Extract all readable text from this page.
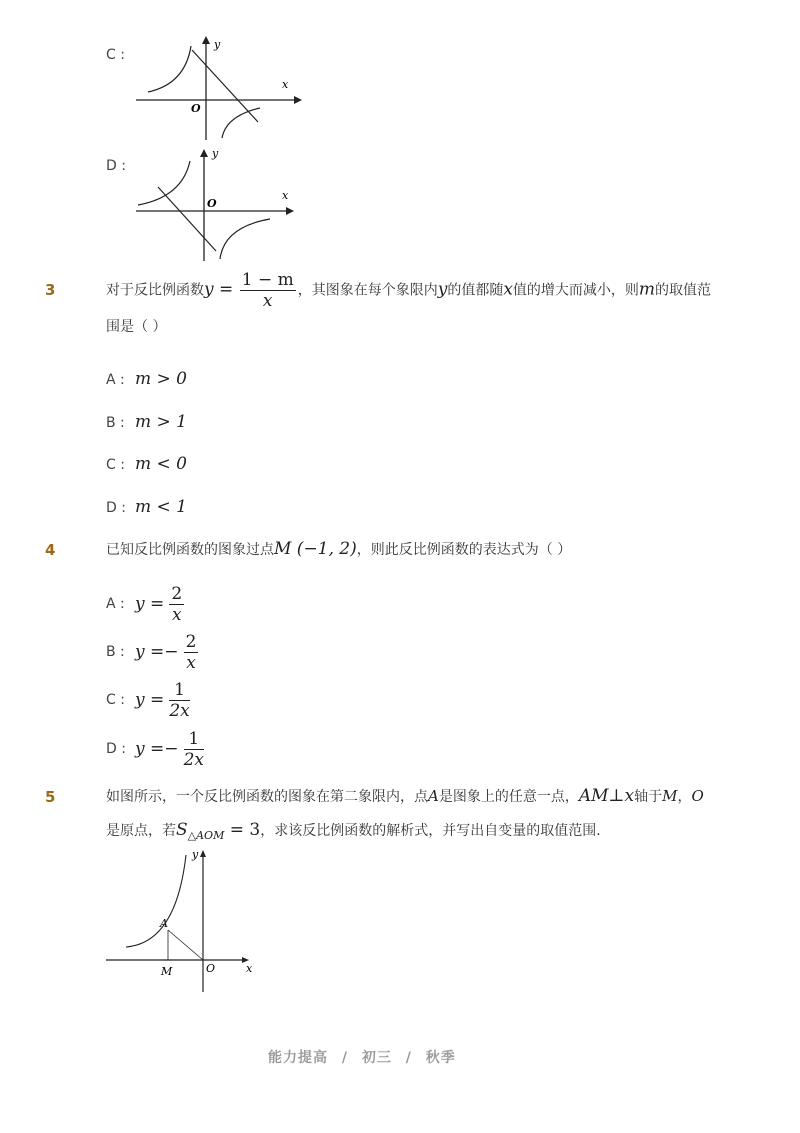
C :
y
x
O
D :
y
x
O
3	对于反比例函数$y = \frac{1 - m}{x}$ ，其图象在每个象限内y的值都随x值的增大而减小，则m的取值范
围是（ ）
A : m > 0
B : m > 1
C : m < 0
D : m < 1
4	已知反比例函数的图象过点M (−1, 2)，则此反比例函数的表达式为（ ）
A : $y = \frac{2}{x}$
B : $y =- \frac{2}{x}$
C : $y = \frac{1}{2x}$
D : $y =- \frac{1}{2x}$
5	如图所示，一个反比例函数的图象在第二象限内，点A是图象上的任意一点，AM⊥x轴于M，O
是原点，若$S_{\triangle AOM} = 3$，求该反比例函数的解析式，并写出自变量的取值范围．
y
x
A
M	O
能力提高 / 初三 / 秋季
